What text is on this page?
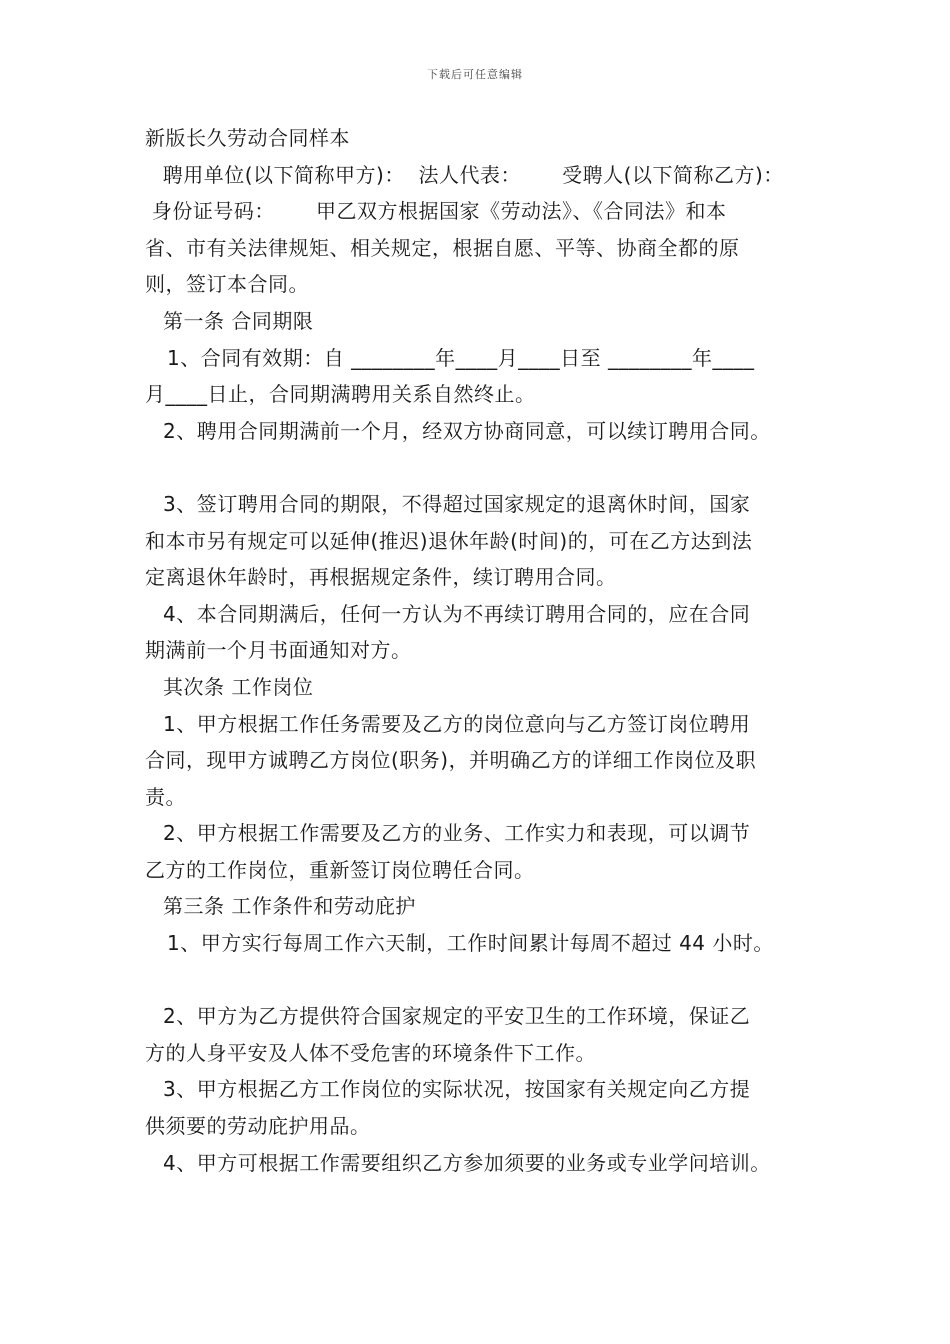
下载后可任意编辑
新版长久劳动合同样本
聘用单位(以下简称甲方)：  法人代表：      受聘人(以下简称乙方)：
身份证号码：      甲乙双方根据国家《劳动法》、《合同法》和本
省、市有关法律规矩、相关规定，根据自愿、平等、协商全都的原
则，签订本合同。
第一条 合同期限
1、合同有效期：自 ________年____月____日至 ________年____
月____日止，合同期满聘用关系自然终止。
2、聘用合同期满前一个月，经双方协商同意，可以续订聘用合同。
3、签订聘用合同的期限，不得超过国家规定的退离休时间，国家
和本市另有规定可以延伸(推迟)退休年龄(时间)的，可在乙方达到法
定离退休年龄时，再根据规定条件，续订聘用合同。
4、本合同期满后，任何一方认为不再续订聘用合同的，应在合同
期满前一个月书面通知对方。
其次条 工作岗位
1、甲方根据工作任务需要及乙方的岗位意向与乙方签订岗位聘用
合同，现甲方诚聘乙方岗位(职务)，并明确乙方的详细工作岗位及职
责。
2、甲方根据工作需要及乙方的业务、工作实力和表现，可以调节
乙方的工作岗位，重新签订岗位聘任合同。
第三条 工作条件和劳动庇护
1、甲方实行每周工作六天制，工作时间累计每周不超过 44 小时。
2、甲方为乙方提供符合国家规定的平安卫生的工作环境，保证乙
方的人身平安及人体不受危害的环境条件下工作。
3、甲方根据乙方工作岗位的实际状况，按国家有关规定向乙方提
供须要的劳动庇护用品。
4、甲方可根据工作需要组织乙方参加须要的业务或专业学问培训。
